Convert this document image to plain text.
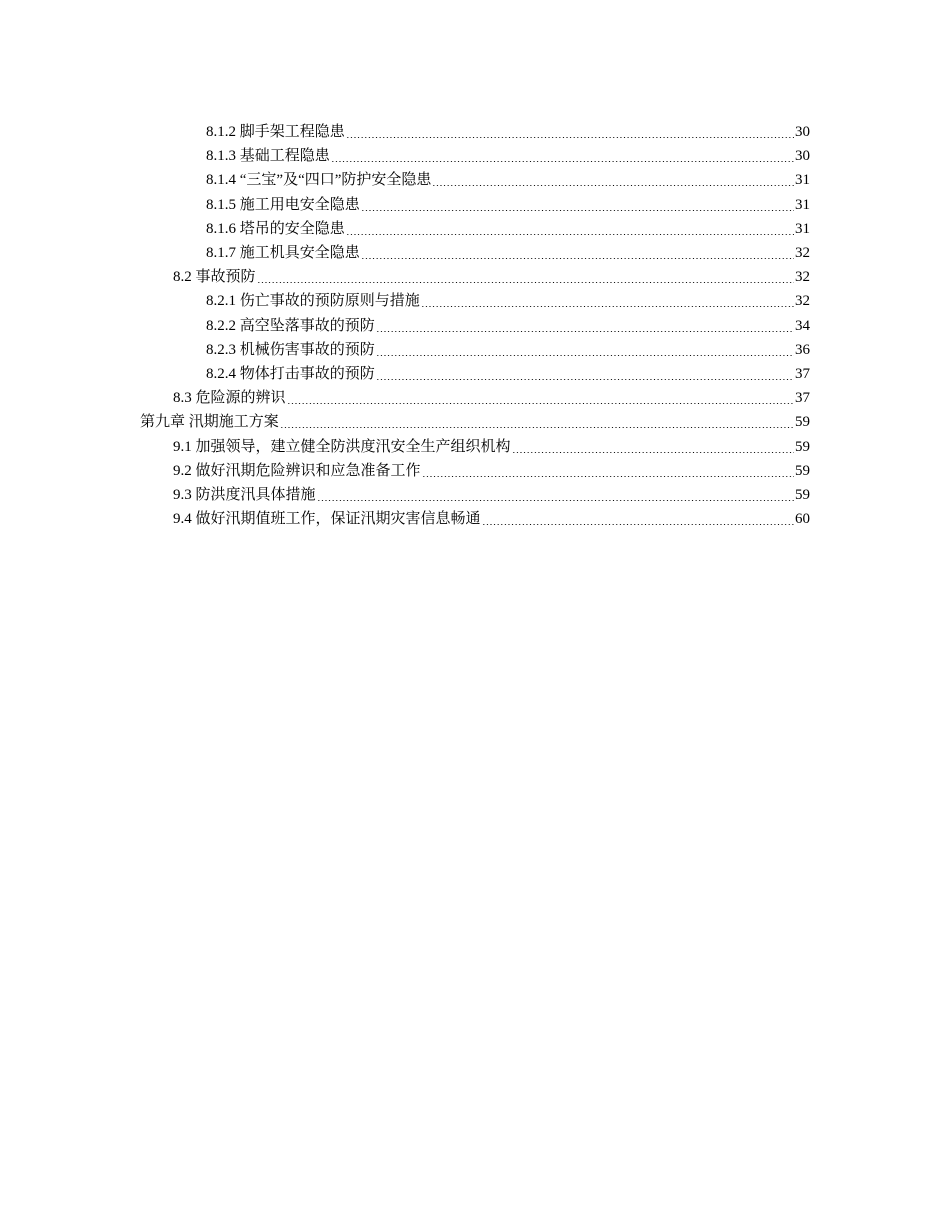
8.1.2 脚手架工程隐患	30
8.1.3 基础工程隐患	30
8.1.4 “三宝”及“四口”防护安全隐患	31
8.1.5 施工用电安全隐患	31
8.1.6 塔吊的安全隐患	31
8.1.7 施工机具安全隐患	32
8.2 事故预防	32
8.2.1 伤亡事故的预防原则与措施	32
8.2.2 高空坠落事故的预防	34
8.2.3 机械伤害事故的预防	36
8.2.4 物体打击事故的预防	37
8.3 危险源的辨识	37
第九章 汛期施工方案	59
9.1 加强领导，建立健全防洪度汛安全生产组织机构	59
9.2 做好汛期危险辨识和应急准备工作	59
9.3 防洪度汛具体措施	59
9.4 做好汛期值班工作，保证汛期灾害信息畅通	60
